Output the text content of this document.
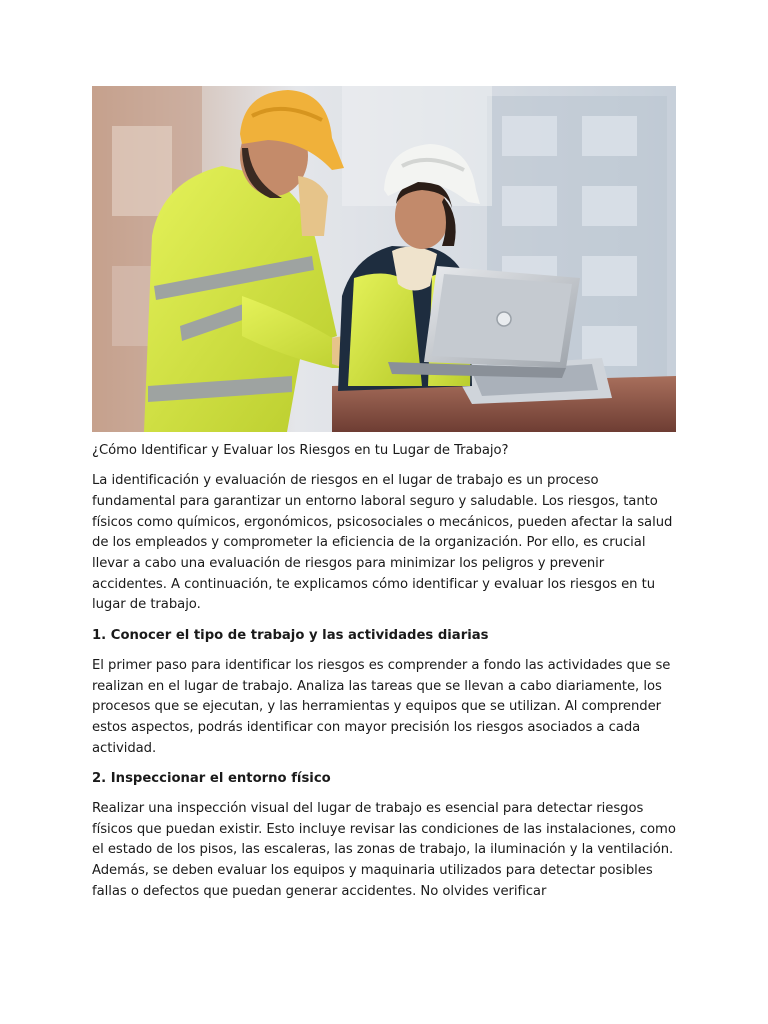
¿Cómo Identificar y Evaluar los Riesgos en tu Lugar de Trabajo?

La identificación y evaluación de riesgos en el lugar de trabajo es un proceso fundamental para garantizar un entorno laboral seguro y saludable. Los riesgos, tanto físicos como químicos, ergonómicos, psicosociales o mecánicos, pueden afectar la salud de los empleados y comprometer la eficiencia de la organización. Por ello, es crucial llevar a cabo una evaluación de riesgos para minimizar los peligros y prevenir accidentes. A continuación, te explicamos cómo identificar y evaluar los riesgos en tu lugar de trabajo.

1. Conocer el tipo de trabajo y las actividades diarias

El primer paso para identificar los riesgos es comprender a fondo las actividades que se realizan en el lugar de trabajo. Analiza las tareas que se llevan a cabo diariamente, los procesos que se ejecutan, y las herramientas y equipos que se utilizan. Al comprender estos aspectos, podrás identificar con mayor precisión los riesgos asociados a cada actividad.

2. Inspeccionar el entorno físico

Realizar una inspección visual del lugar de trabajo es esencial para detectar riesgos físicos que puedan existir. Esto incluye revisar las condiciones de las instalaciones, como el estado de los pisos, las escaleras, las zonas de trabajo, la iluminación y la ventilación. Además, se deben evaluar los equipos y maquinaria utilizados para detectar posibles fallas o defectos que puedan generar accidentes. No olvides verificar
